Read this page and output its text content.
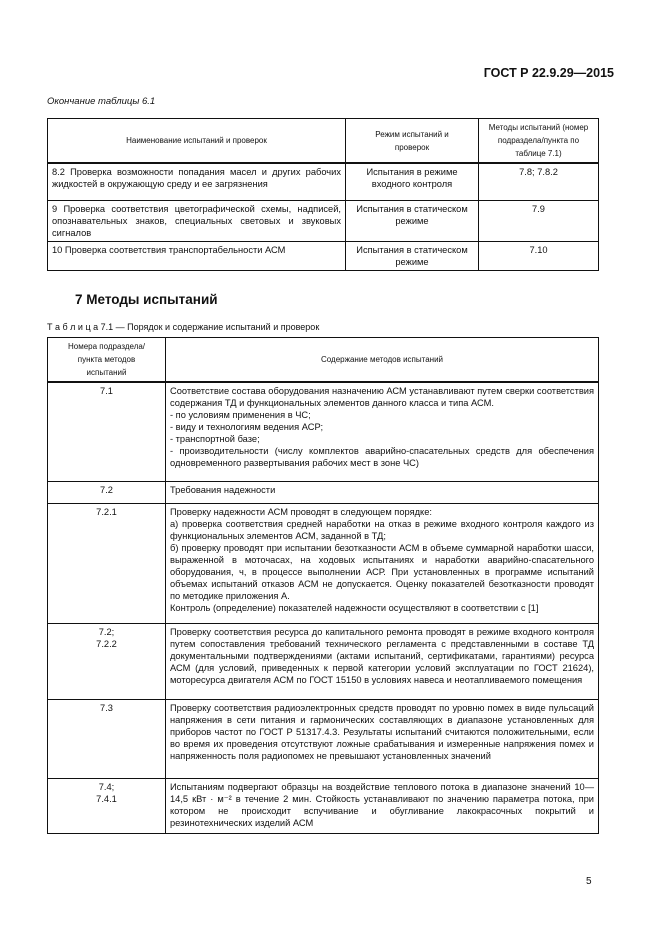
ГОСТ Р 22.9.29—2015
Окончание таблицы 6.1
Наименование испытаний и проверок	Режим испытаний и проверок	Методы испытаний (номер подраздела/пункта по таблице 7.1)
8.2 Проверка возможности попадания масел и других рабочих жидкостей в окружающую среду и ее загрязнения	Испытания в режиме входного контроля	7.8; 7.8.2
9 Проверка соответствия цветографической схемы, надписей, опознавательных знаков, специальных световых и звуковых сигналов	Испытания в статическом режиме	7.9
10 Проверка соответствия транспортабельности АСМ	Испытания в статическом режиме	7.10
7 Методы испытаний
Т а б л и ц а 7.1 — Порядок и содержание испытаний и проверок
Номера подраздела/пункта методов испытаний	Содержание методов испытаний

7.1	Соответствие состава оборудования назначению АСМ устанавливают путем сверки соответствия содержания ТД и функциональных элементов данного класса и типа АСМ.
- по условиям применения в ЧС;
- виду и технологиям ведения АСР;
- транспортной базе;
- производительности (числу комплектов аварийно-спасательных средств для обеспечения одновременного развертывания рабочих мест в зоне ЧС)

7.2	Требования надежности

7.2.1	Проверку надежности АСМ проводят в следующем порядке:
а) проверка соответствия средней наработки на отказ в режиме входного контроля каждого из функциональных элементов АСМ, заданной в ТД;
б) проверку проводят при испытании безотказности АСМ в объеме суммарной наработки шасси, выраженной в моточасах, на ходовых испытаниях и наработки аварийно-спасательного оборудования, ч, в процессе выполнении АСР. При установленных в программе испытаний объемах испытаний отказов АСМ не допускается. Оценку показателей безотказности проводят по методике приложения А.
Контроль (определение) показателей надежности осуществляют в соответствии с [1]

7.2;
7.2.2	Проверку соответствия ресурса до капитального ремонта проводят в режиме входного контроля путем сопоставления требований технического регламента с представленными в составе ТД документальными подтверждениями (актами испытаний, сертификатами, гарантиями) ресурса АСМ (для условий, приведенных к первой категории условий эксплуатации по ГОСТ 21624), моторесурса двигателя АСМ по ГОСТ 15150 в условиях навеса и неотапливаемого помещения

7.3	Проверку соответствия радиоэлектронных средств проводят по уровню помех в виде пульсаций напряжения в сети питания и гармонических составляющих в диапазоне установленных для приборов частот по ГОСТ Р 51317.4.3. Результаты испытаний считаются положительными, если во время их проведения отсутствуют ложные срабатывания и измеренные напряжения помех и напряженность поля радиопомех не превышают установленных значений

7.4;
7.4.1	Испытаниям подвергают образцы на воздействие теплового потока в диапазоне значений 10—14,5 кВт · м⁻² в течение 2 мин. Стойкость устанавливают по значению параметра потока, при котором не происходит вспучивание и обугливание лакокрасочных покрытий и резинотехнических изделий АСМ
5
